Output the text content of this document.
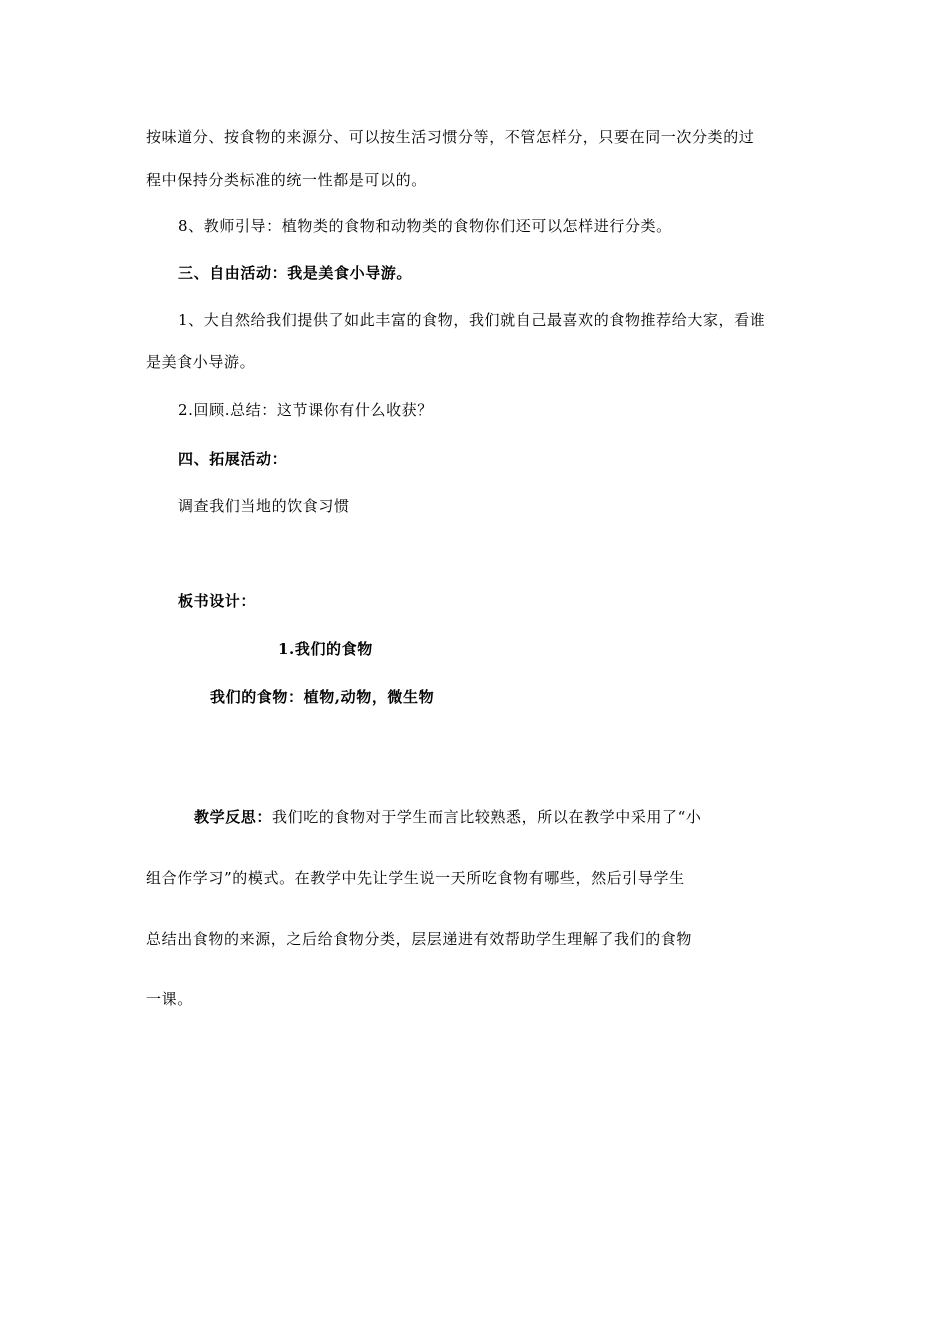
按味道分、按食物的来源分、可以按生活习惯分等，不管怎样分，只要在同一次分类的过
程中保持分类标准的统一性都是可以的。
8、教师引导：植物类的食物和动物类的食物你们还可以怎样进行分类。
三、自由活动：我是美食小导游。
1、大自然给我们提供了如此丰富的食物，我们就自己最喜欢的食物推荐给大家，看谁
是美食小导游。
2.回顾.总结：这节课你有什么收获？
四、拓展活动：
调查我们当地的饮食习惯
板书设计：
1.我们的食物
我们的食物：植物,动物，微生物
教学反思：我们吃的食物对于学生而言比较熟悉，所以在教学中采用了“小
组合作学习”的模式。在教学中先让学生说一天所吃食物有哪些，然后引导学生
总结出食物的来源，之后给食物分类，层层递进有效帮助学生理解了我们的食物
一课。
